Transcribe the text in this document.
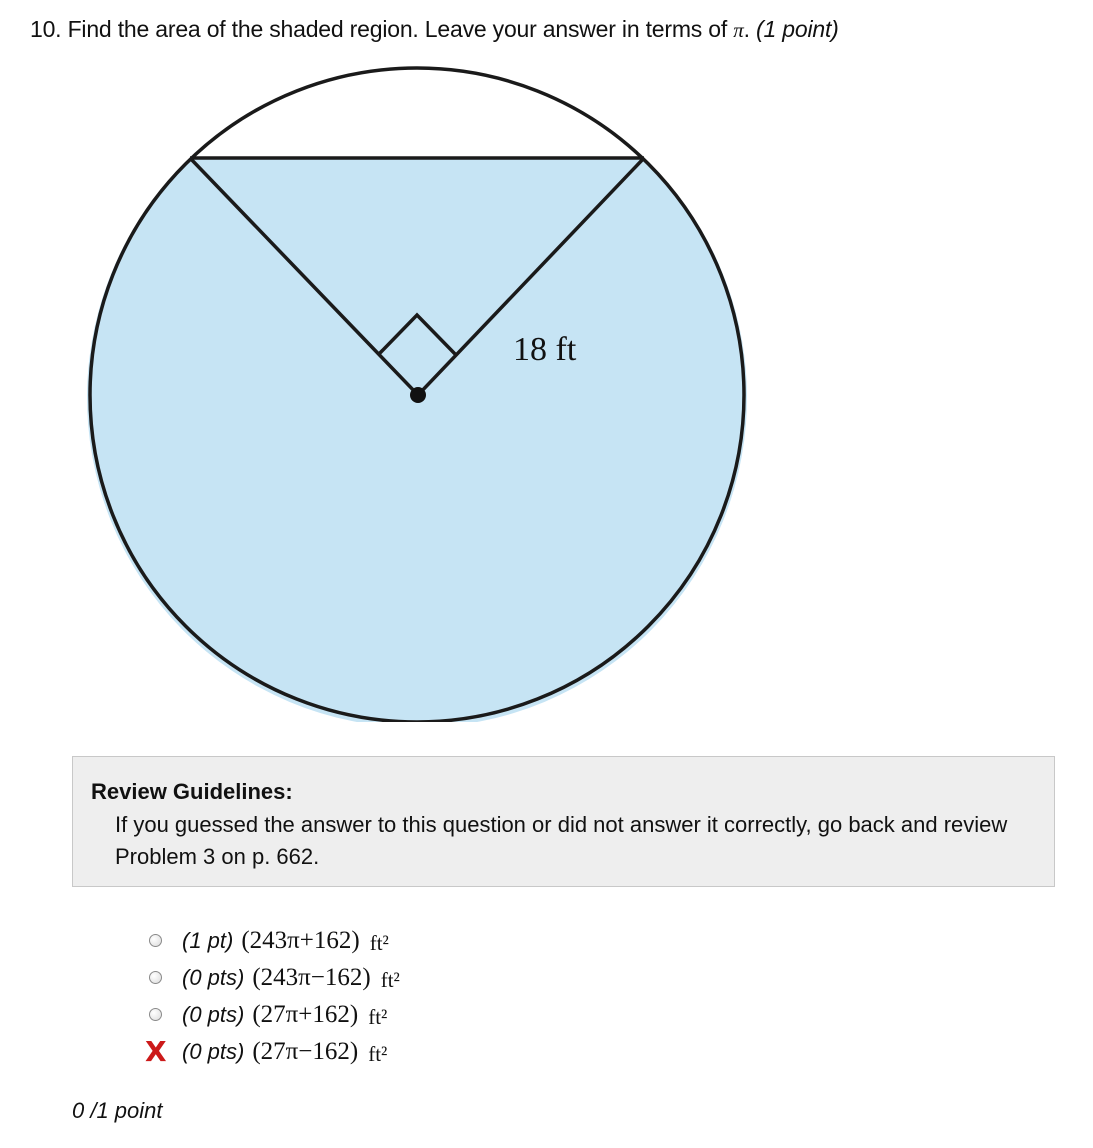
10. Find the area of the shaded region. Leave your answer in terms of π. (1 point)
18 ft
Review Guidelines:
If you guessed the answer to this question or did not answer it correctly, go back and review Problem 3 on p. 662.
(1 pt) (243π+162) ft²
(0 pts) (243π−162) ft²
(0 pts) (27π+162) ft²
X (0 pts) (27π−162) ft²
0 /1 point
